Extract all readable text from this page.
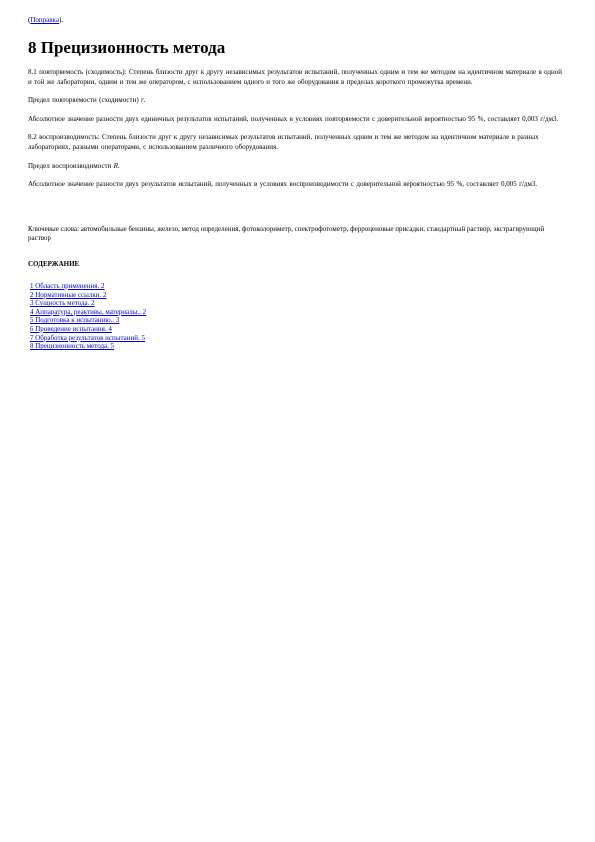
(Поправка).

8 Прецизионность метода

8.1 повторяемость (сходимость): Степень близости друг к другу независимых результатов испытаний, полученных одним и тем же методом на идентичном материале в одной и той же лаборатории, одним и тем же оператором, с использованием одного и того же оборудования в пределах короткого промежутка времени.

Предел повторяемости (сходимости) r.

Абсолютное значение разности двух единичных результатов испытаний, полученных в условиях повторяемости с доверительной вероятностью 95 %, составляет 0,003 г/дм3.

8.2 воспроизводимость: Степень близости друг к другу независимых результатов испытаний, полученных одним и тем же методом на идентичном материале в разных лабораториях, разными операторами, с использованием различного оборудования.

Предел воспроизводимости R.

Абсолютное значение разности двух результатов испытаний, полученных в условиях воспроизводимости с доверительной вероятностью 95 %, составляет 0,005 г/дм3.

Ключевые слова: автомобильные бензины, железо, метод определения, фотоколориметр, спектрофотометр, ферроценовые присадки, стандартный раствор, экстрагирующий раствор

СОДЕРЖАНИЕ

1 Область применения. 2
2 Нормативные ссылки. 2
3 Сущность метода. 2
4 Аппаратура, реактивы, материалы.. 2
5 Подготовка к испытанию.. 3
6 Проведение испытания. 4
7 Обработка результатов испытаний. 5
8 Прецизионность метода. 5
